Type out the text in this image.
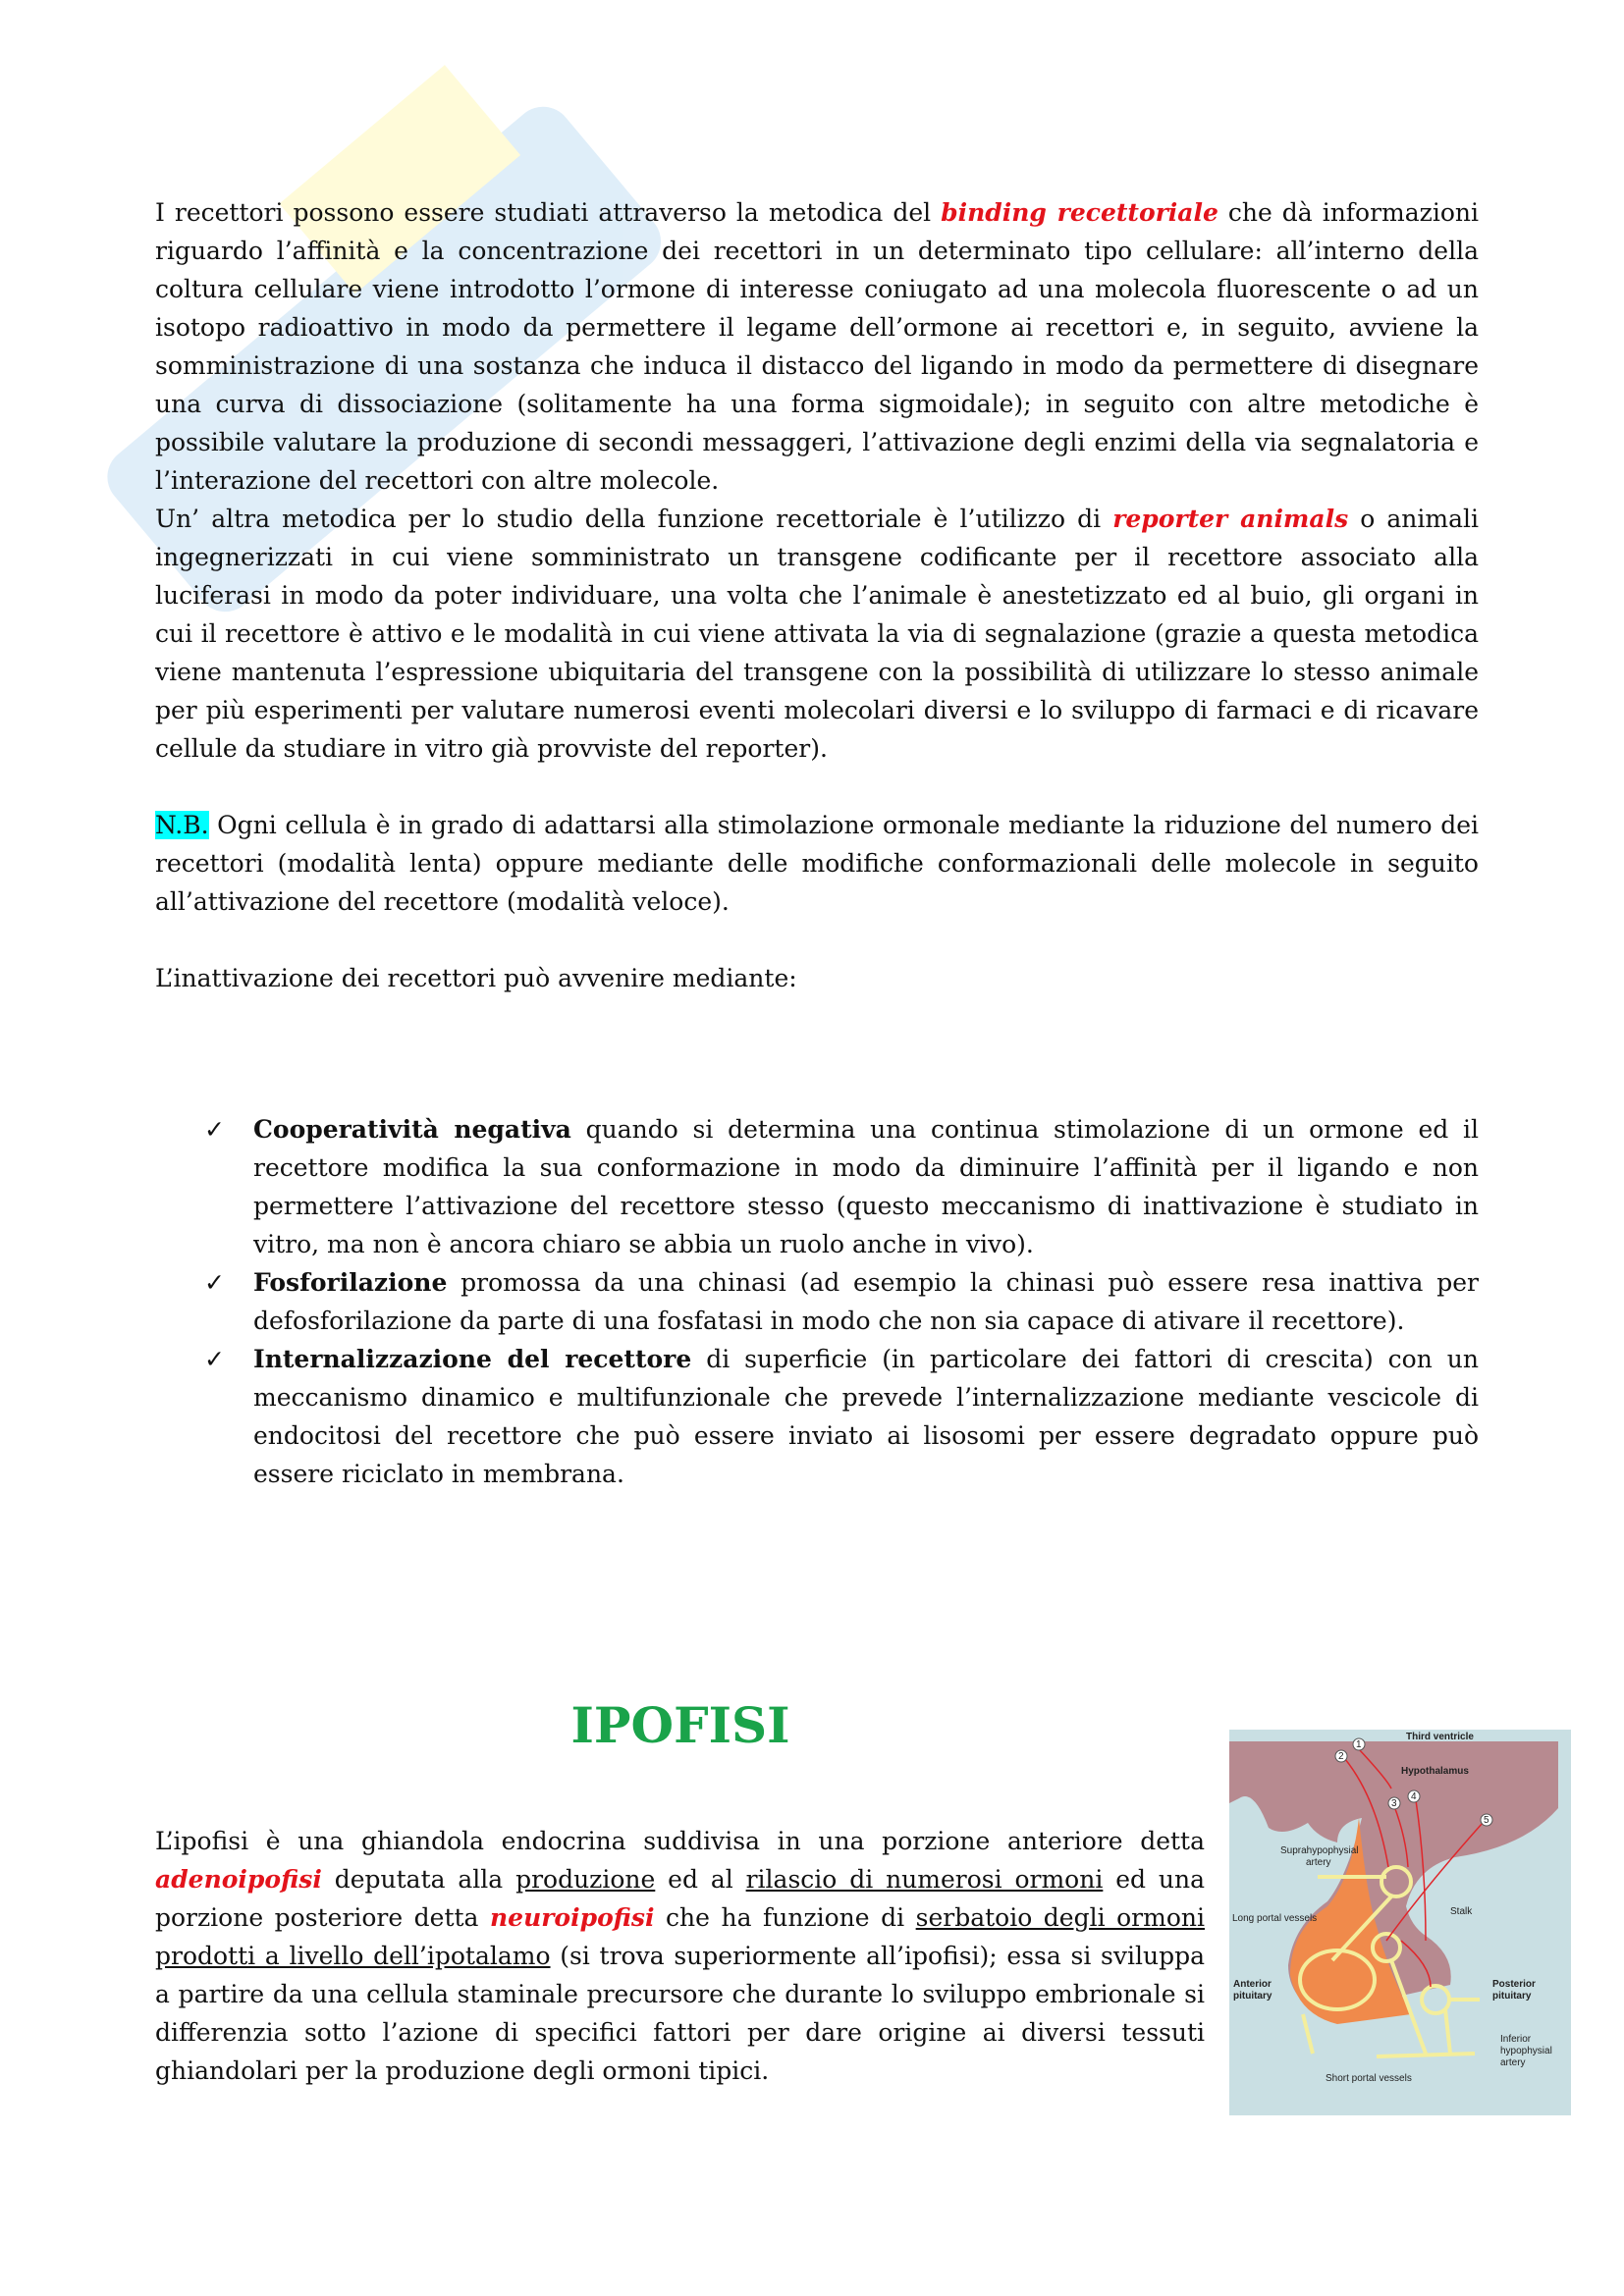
I recettori possono essere studiati attraverso la metodica del binding recettoriale che dà informazioni riguardo l’affinità e la concentrazione dei recettori in un determinato tipo cellulare: all’interno della coltura cellulare viene introdotto l’ormone di interesse coniugato ad una molecola fluorescente o ad un isotopo radioattivo in modo da permettere il legame dell’ormone ai recettori e, in seguito, avviene la somministrazione di una sostanza che induca il distacco del ligando in modo da permettere di disegnare una curva di dissociazione (solitamente ha una forma sigmoidale); in seguito con altre metodiche è possibile valutare la produzione di secondi messaggeri, l’attivazione degli enzimi della via segnalatoria e l’interazione del recettori con altre molecole.

Un’ altra metodica per lo studio della funzione recettoriale è l’utilizzo di reporter animals o animali ingegnerizzati in cui viene somministrato un transgene codificante per il recettore associato alla luciferasi in modo da poter individuare, una volta che l’animale è anestetizzato ed al buio, gli organi in cui il recettore è attivo e le modalità in cui viene attivata la via di segnalazione (grazie a questa metodica viene mantenuta l’espressione ubiquitaria del transgene con la possibilità di utilizzare lo stesso animale per più esperimenti per valutare numerosi eventi molecolari diversi e lo sviluppo di farmaci e di ricavare cellule da studiare in vitro già provviste del reporter).

N.B. Ogni cellula è in grado di adattarsi alla stimolazione ormonale mediante la riduzione del numero dei recettori (modalità lenta) oppure mediante delle modifiche conformazionali delle molecole in seguito all’attivazione del recettore (modalità veloce).

L’inattivazione dei recettori può avvenire mediante:

✓	Cooperatività negativa quando si determina una continua stimolazione di un ormone ed il recettore modifica la sua conformazione in modo da diminuire l’affinità per il ligando e non permettere l’attivazione del recettore stesso (questo meccanismo di inattivazione è studiato in vitro, ma non è ancora chiaro se abbia un ruolo anche in vivo).
✓	Fosforilazione promossa da una chinasi (ad esempio la chinasi può essere resa inattiva per defosforilazione da parte di una fosfatasi in modo che non sia capace di ativare il recettore).
✓	Internalizzazione del recettore di superficie (in particolare dei fattori di crescita) con un meccanismo dinamico e multifunzionale che prevede l’internalizzazione mediante vescicole di endocitosi del recettore che può essere inviato ai lisosomi per essere degradato oppure può essere riciclato in membrana.
IPOFISI

L’ipofisi è una ghiandola endocrina suddivisa in una porzione anteriore detta adenoipofisi deputata alla produzione ed al rilascio di numerosi ormoni ed una porzione posteriore detta neuroipofisi che ha funzione di serbatoio degli ormoni prodotti a livello dell’ipotalamo (si trova superiormente all’ipofisi); essa si sviluppa a partire da una cellula staminale precursore che durante lo sviluppo embrionale si differenzia sotto l’azione di specifici fattori per dare origine ai diversi tessuti ghiandolari per la produzione degli ormoni tipici.

2
1
3
4
5
Third ventricle
Hypothalamus
Suprahypophysial
artery
Long portal vessels
Stalk
Anterior
pituitary
Posterior
pituitary
Inferior
hypophysial
artery
Short portal vessels
